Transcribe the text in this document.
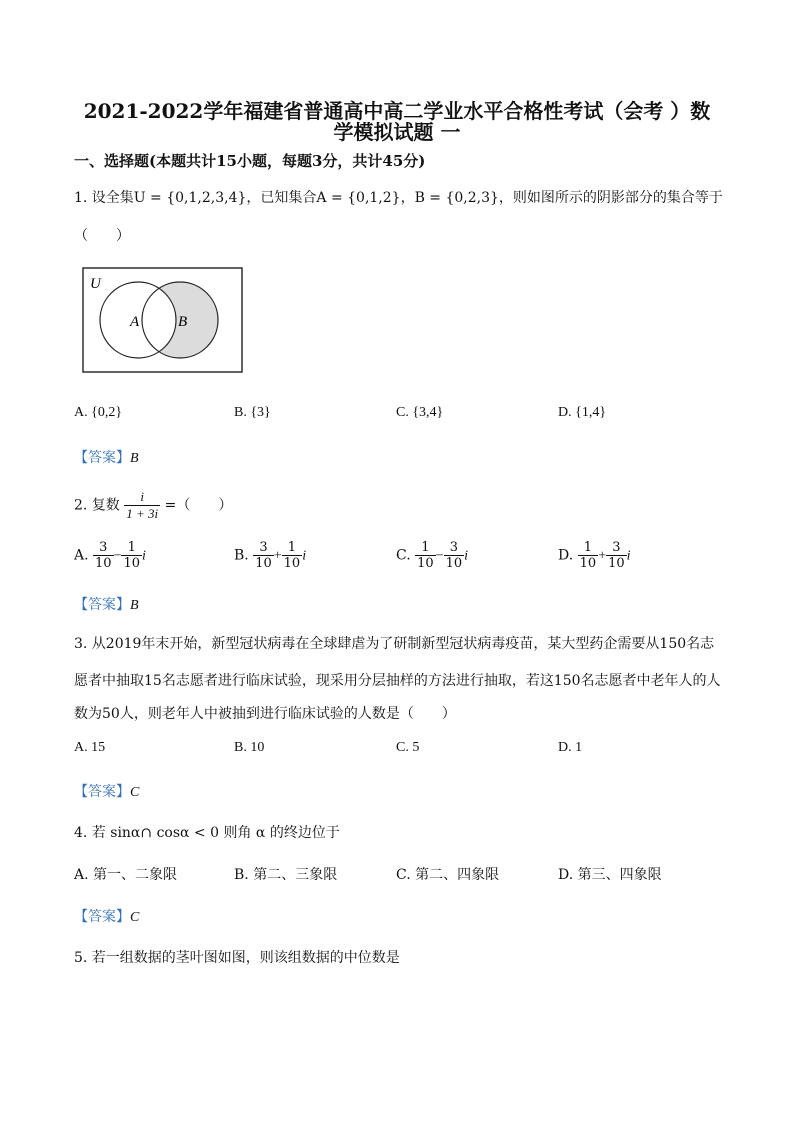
2021-2022学年福建省普通高中高二学业水平合格性考试（会考 ）数
学模拟试题 一
一、选择题(本题共计15小题，每题3分，共计45分)
1. 设全集U = {0,1,2,3,4}，已知集合A = {0,1,2}，B = {0,2,3}，则如图所示的阴影部分的集合等于
（　　）
U
A	B
A. {0,2}	B. {3}	C. {3,4}	D. {1,4}
【答案】B
2. 复数 $\frac{i}{1 + 3i}$ =（　　）
A. $\frac{3}{10} - \frac{1}{10}$ i	B. $\frac{3}{10} + \frac{1}{10}$ i	C. $\frac{1}{10} - \frac{3}{10}$ i	D. $\frac{1}{10} + \frac{3}{10}$ i
【答案】B
3. 从2019年末开始，新型冠状病毒在全球肆虐为了研制新型冠状病毒疫苗，某大型药企需要从150名志
愿者中抽取15名志愿者进行临床试验，现采用分层抽样的方法进行抽取，若这150名志愿者中老年人的人
数为50人，则老年人中被抽到进行临床试验的人数是（　　）
A. 15	B. 10	C. 5	D. 1
【答案】C
4. 若 sinα∩ cosα < 0 则角 α 的终边位于
A. 第一、二象限	B. 第二、三象限	C. 第二、四象限	D. 第三、四象限
【答案】C
5. 若一组数据的茎叶图如图，则该组数据的中位数是
